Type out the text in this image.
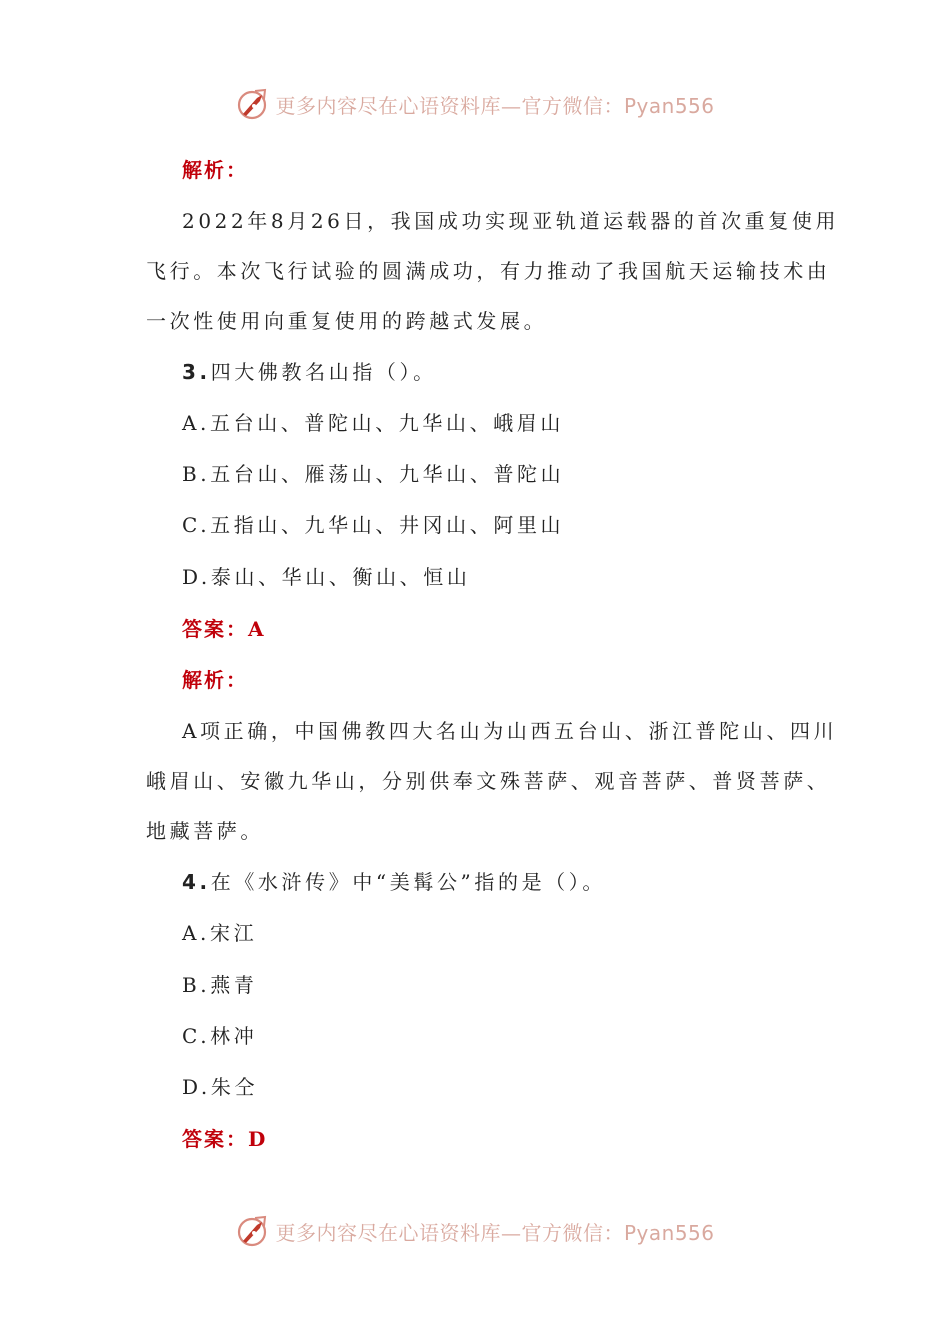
更多内容尽在心语资料库—官方微信：Pyan556
解析：
2022年8月26日，我国成功实现亚轨道运载器的首次重复使用
飞行。本次飞行试验的圆满成功，有力推动了我国航天运输技术由
一次性使用向重复使用的跨越式发展。
3.四大佛教名山指（）。
A.五台山、普陀山、九华山、峨眉山
B.五台山、雁荡山、九华山、普陀山
C.五指山、九华山、井冈山、阿里山
D.泰山、华山、衡山、恒山
答案：A
解析：
A项正确，中国佛教四大名山为山西五台山、浙江普陀山、四川
峨眉山、安徽九华山，分别供奉文殊菩萨、观音菩萨、普贤菩萨、
地藏菩萨。
4.在《水浒传》中“美髯公”指的是（）。
A.宋江
B.燕青
C.林冲
D.朱仝
答案：D
更多内容尽在心语资料库—官方微信：Pyan556
